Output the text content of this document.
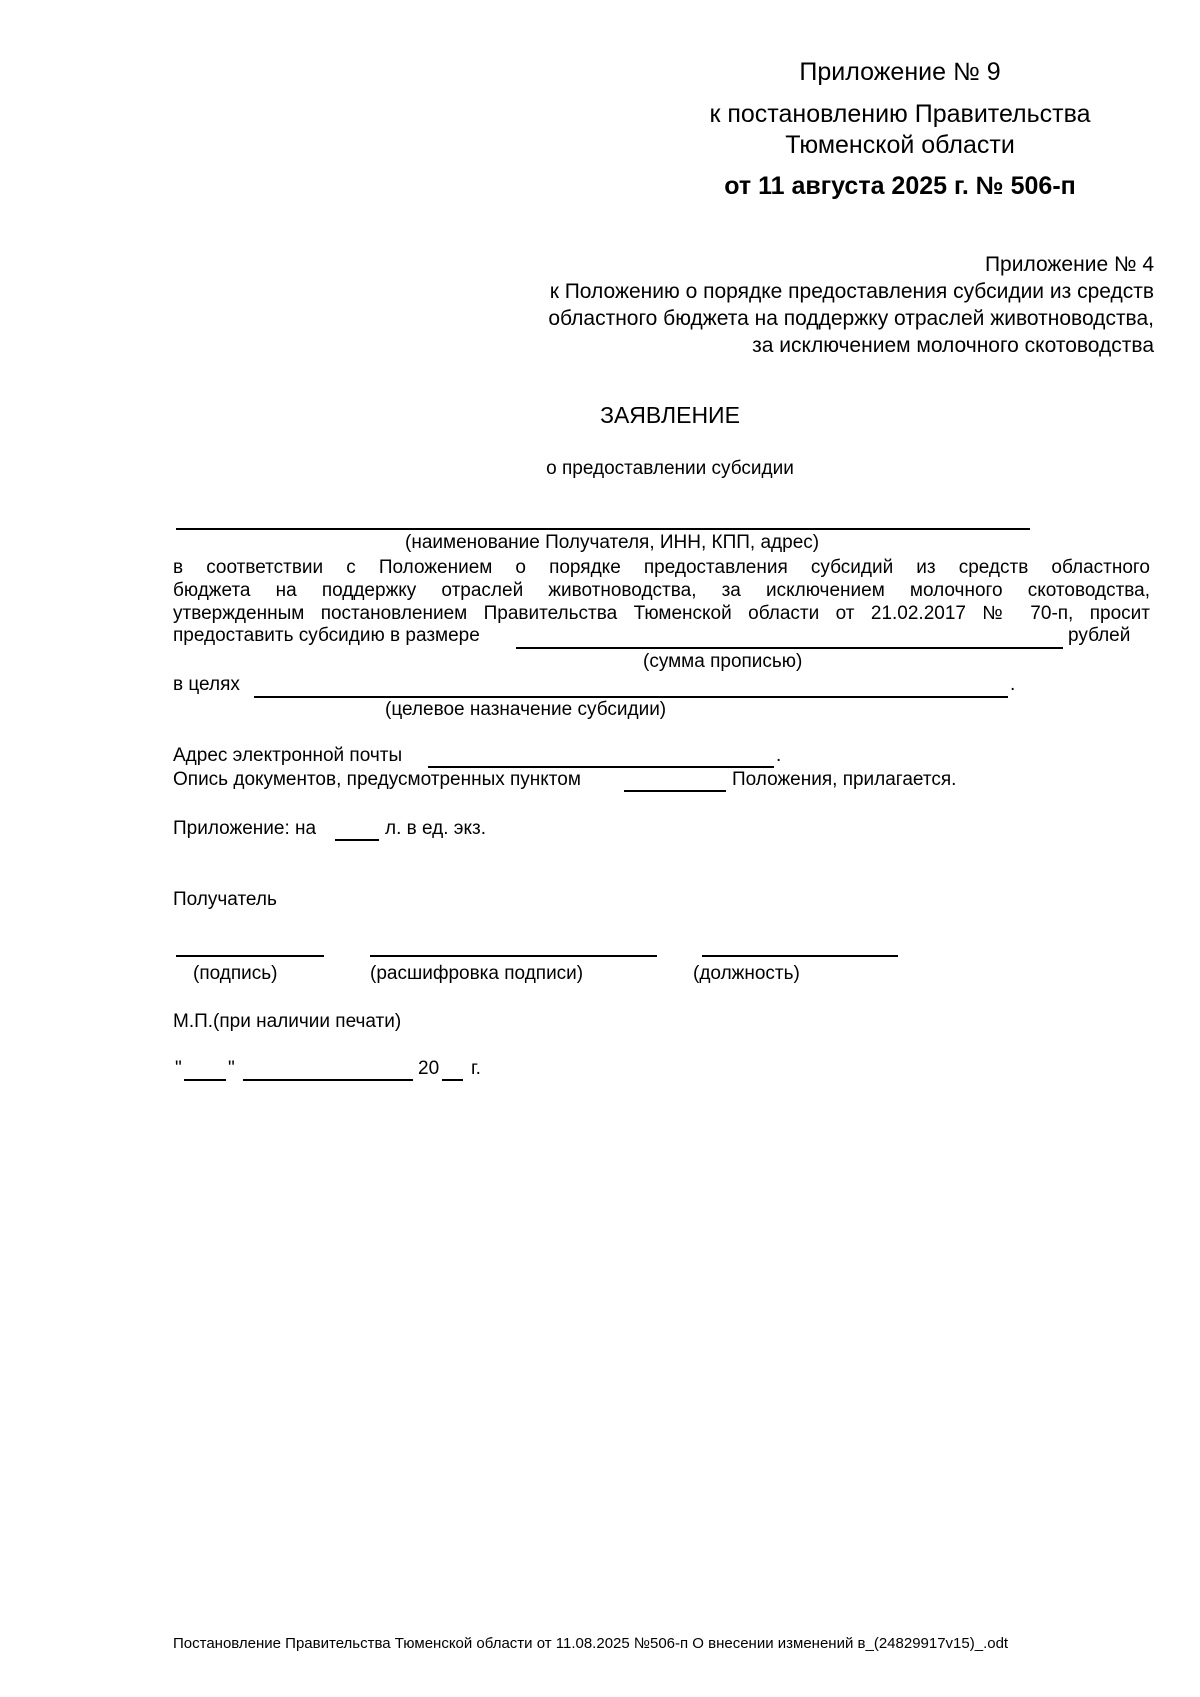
Приложение № 9
к постановлению Правительства
Тюменской области
от 11 августа 2025 г. № 506-п
Приложение № 4
к Положению о порядке предоставления субсидии из средств
областного бюджета на поддержку отраслей животноводства,
за исключением молочного скотоводства
ЗАЯВЛЕНИЕ
о предоставлении субсидии
(наименование Получателя, ИНН, КПП, адрес)
в соответствии с Положением о порядке предоставления субсидий из средств областного
бюджета на поддержку отраслей животноводства, за исключением молочного скотоводства,
утвержденным постановлением Правительства Тюменской области от 21.02.2017 № 70-п, просит
предоставить субсидию в размере	рублей
(сумма прописью)
в целях	.
(целевое назначение субсидии)
Адрес электронной почты	.
Опись документов, предусмотренных пунктом	Положения, прилагается.
Приложение: на	л. в ед. экз.
Получатель
(подпись)	(расшифровка подписи)	(должность)
М.П.(при наличии печати)
" "	20 г.
Постановление Правительства Тюменской области от 11.08.2025 №506-п О внесении изменений в_(24829917v15)_.odt
